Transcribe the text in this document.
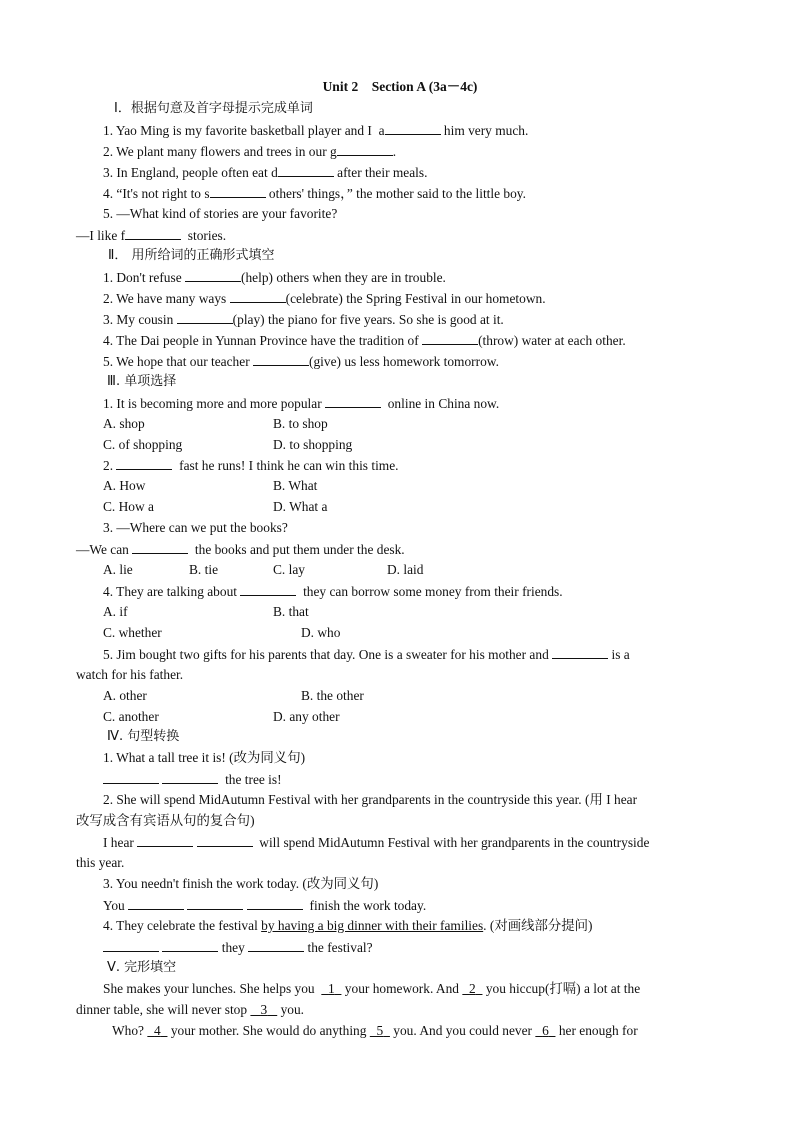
Unit 2　Section A (3a－4c)
Ⅰ．根据句意及首字母提示完成单词
1. Yao Ming is my favorite basketball player and I a	him very much.
2. We plant many flowers and trees in our g	.
3. In England, people often eat d	after their meals.
4. “It's not right to s	others' things，” the mother said to the little boy.
5. —What kind of stories are your favorite?
—I like f	stories.
Ⅱ． 用所给词的正确形式填空
1. Don't refuse	(help) others when they are in trouble.
2. We have many ways	(celebrate) the Spring Festival in our hometown.
3. My cousin	(play) the piano for five years. So she is good at it.
4. The Dai people in Yunnan Province have the tradition of	(throw) water at each other.
5. We hope that our teacher	(give) us less homework tomorrow.
Ⅲ. 单项选择
1. It is becoming more and more popular	online in China now.
A. shop	B. to shop
C. of shopping	D. to shopping
2.	fast he runs! I think he can win this time.
A. How	B. What
C. How a	D. What a
3. —Where can we put the books?
—We can	the books and put them under the desk.
A. lie	B. tie	C. lay	D. laid
4. They are talking about	they can borrow some money from their friends.
A. if	B. that
C. whether	D. who
5. Jim bought two gifts for his parents that day. One is a sweater for his mother and	is a
watch for his father.
A. other	B. the other
C. another	D. any other
Ⅳ. 句型转换
1. What a tall tree it is! (改为同义句)
the tree is!
2. She will spend MidAutumn Festival with her grandparents in the countryside this year. (用 I hear
改写成含有宾语从句的复合句)
I hear	will spend MidAutumn Festival with her grandparents in the countryside
this year.
3. You needn't finish the work today. (改为同义句)
You	finish the work today.
4. They celebrate the festival by having a big dinner with their families. (对画线部分提问)
they	the festival?
Ⅴ. 完形填空
She makes your lunches. She helps you 1 your homework. And 2 you hiccup(打嗝) a lot at the
dinner table, she will never stop 3 you.
Who? 4 your mother. She would do anything 5 you. And you could never 6 her enough for
